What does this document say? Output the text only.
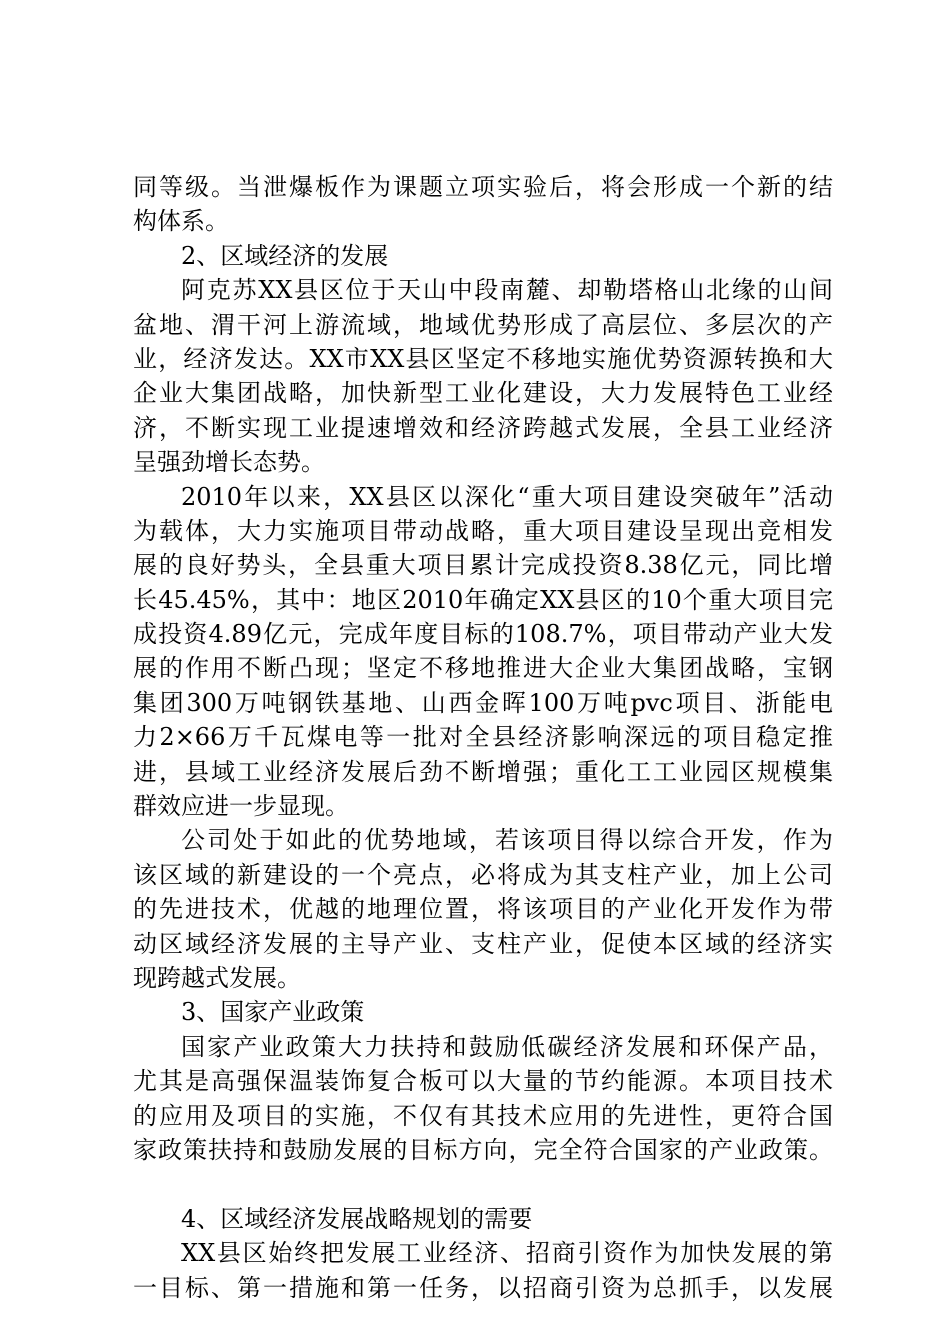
同等级。当泄爆板作为课题立项实验后，将会形成一个新的结
构体系。
2、区域经济的发展
阿克苏XX县区位于天山中段南麓、却勒塔格山北缘的山间
盆地、渭干河上游流域，地域优势形成了高层位、多层次的产
业，经济发达。XX市XX县区坚定不移地实施优势资源转换和大
企业大集团战略，加快新型工业化建设，大力发展特色工业经
济，不断实现工业提速增效和经济跨越式发展，全县工业经济
呈强劲增长态势。
2010年以来，XX县区以深化“重大项目建设突破年”活动
为载体，大力实施项目带动战略，重大项目建设呈现出竞相发
展的良好势头，全县重大项目累计完成投资8.38亿元，同比增
长45.45%，其中：地区2010年确定XX县区的10个重大项目完
成投资4.89亿元，完成年度目标的108.7%，项目带动产业大发
展的作用不断凸现；坚定不移地推进大企业大集团战略，宝钢
集团300万吨钢铁基地、山西金晖100万吨pvc项目、浙能电
力2×66万千瓦煤电等一批对全县经济影响深远的项目稳定推
进，县域工业经济发展后劲不断增强；重化工工业园区规模集
群效应进一步显现。
公司处于如此的优势地域，若该项目得以综合开发，作为
该区域的新建设的一个亮点，必将成为其支柱产业，加上公司
的先进技术，优越的地理位置，将该项目的产业化开发作为带
动区域经济发展的主导产业、支柱产业，促使本区域的经济实
现跨越式发展。
3、国家产业政策
国家产业政策大力扶持和鼓励低碳经济发展和环保产品，
尤其是高强保温装饰复合板可以大量的节约能源。本项目技术
的应用及项目的实施，不仅有其技术应用的先进性，更符合国
家政策扶持和鼓励发展的目标方向，完全符合国家的产业政策。
4、区域经济发展战略规划的需要
XX县区始终把发展工业经济、招商引资作为加快发展的第
一目标、第一措施和第一任务，以招商引资为总抓手，以发展
